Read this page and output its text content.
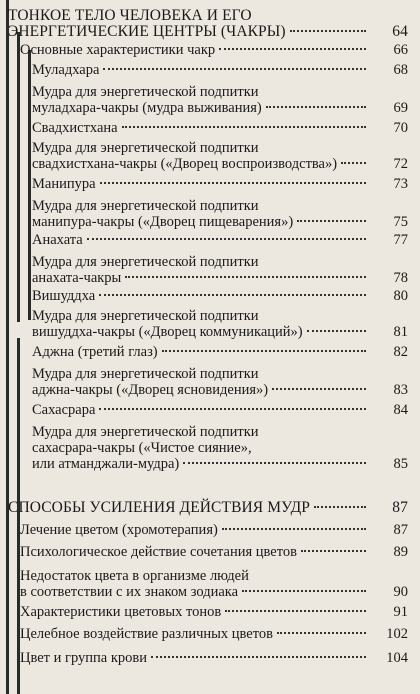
ТОНКОЕ ТЕЛО ЧЕЛОВЕКА И ЕГО
ЭНЕРГЕТИЧЕСКИЕ ЦЕНТРЫ (ЧАКРЫ)	64
Основные характеристики чакр	66
Муладхара	68
Мудра для энергетической подпитки
муладхара-чакры (мудра выживания)	69
Свадхистхана	70
Мудра для энергетической подпитки
свадхистхана-чакры («Дворец воспроизводства»)	72
Манипура	73
Мудра для энергетической подпитки
манипура-чакры («Дворец пищеварения»)	75
Анахата	77
Мудра для энергетической подпитки
анахата-чакры	78
Вишуддха	80
Мудра для энергетической подпитки
вишуддха-чакры («Дворец коммуникаций»)	81
Аджна (третий глаз)	82
Мудра для энергетической подпитки
аджна-чакры («Дворец ясновидения»)	83
Сахасрара	84
Мудра для энергетической подпитки
сахасрара-чакры («Чистое сияние»,
или атманджали-мудра)	85
СПОСОБЫ УСИЛЕНИЯ ДЕЙСТВИЯ МУДР	87
Лечение цветом (хромотерапия)	87
Психологическое действие сочетания цветов	89
Недостаток цвета в организме людей
в соответствии с их знаком зодиака	90
Характеристики цветовых тонов	91
Целебное воздействие различных цветов	102
Цвет и группа крови	104
